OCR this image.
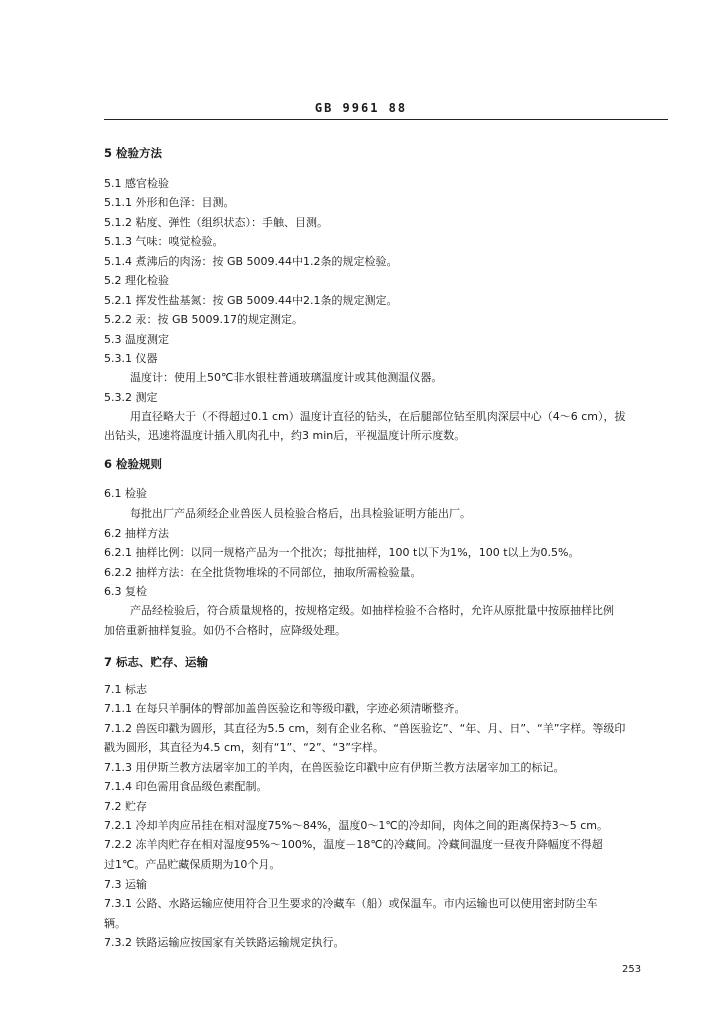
GB 9961 88
5 检验方法
5.1 感官检验
5.1.1 外形和色泽：目测。
5.1.2 粘度、弹性（组织状态）：手触、目测。
5.1.3 气味：嗅觉检验。
5.1.4 煮沸后的肉汤：按 GB 5009.44中1.2条的规定检验。
5.2 理化检验
5.2.1 挥发性盐基氮：按 GB 5009.44中2.1条的规定测定。
5.2.2 汞：按 GB 5009.17的规定测定。
5.3 温度测定
5.3.1 仪器
温度计：使用上50℃非水银柱普通玻璃温度计或其他测温仪器。
5.3.2 测定
用直径略大于（不得超过0.1 cm）温度计直径的钻头，在后腿部位钻至肌肉深层中心（4～6 cm），拔
出钻头，迅速将温度计插入肌肉孔中，约3 min后，平视温度计所示度数。
6 检验规则
6.1 检验
每批出厂产品须经企业兽医人员检验合格后，出具检验证明方能出厂。
6.2 抽样方法
6.2.1 抽样比例：以同一规格产品为一个批次；每批抽样，100 t以下为1%，100 t以上为0.5%。
6.2.2 抽样方法：在全批货物堆垛的不同部位，抽取所需检验量。
6.3 复检
产品经检验后，符合质量规格的，按规格定级。如抽样检验不合格时，允许从原批量中按原抽样比例
加倍重新抽样复验。如仍不合格时，应降级处理。
7 标志、贮存、运输
7.1 标志
7.1.1 在每只羊胴体的臀部加盖兽医验讫和等级印戳，字迹必须清晰整齐。
7.1.2 兽医印戳为圆形，其直径为5.5 cm，刻有企业名称、“兽医验讫”、“年、月、日”、“羊”字样。等级印
戳为圆形，其直径为4.5 cm，刻有“1”、“2”、“3”字样。
7.1.3 用伊斯兰教方法屠宰加工的羊肉，在兽医验讫印戳中应有伊斯兰教方法屠宰加工的标记。
7.1.4 印色需用食品级色素配制。
7.2 贮存
7.2.1 冷却羊肉应吊挂在相对湿度75%～84%，温度0～1℃的冷却间，肉体之间的距离保持3～5 cm。
7.2.2 冻羊肉贮存在相对湿度95%～100%，温度－18℃的冷藏间。冷藏间温度一昼夜升降幅度不得超
过1℃。产品贮藏保质期为10个月。
7.3 运输
7.3.1 公路、水路运输应使用符合卫生要求的冷藏车（船）或保温车。市内运输也可以使用密封防尘车
辆。
7.3.2 铁路运输应按国家有关铁路运输规定执行。
253
